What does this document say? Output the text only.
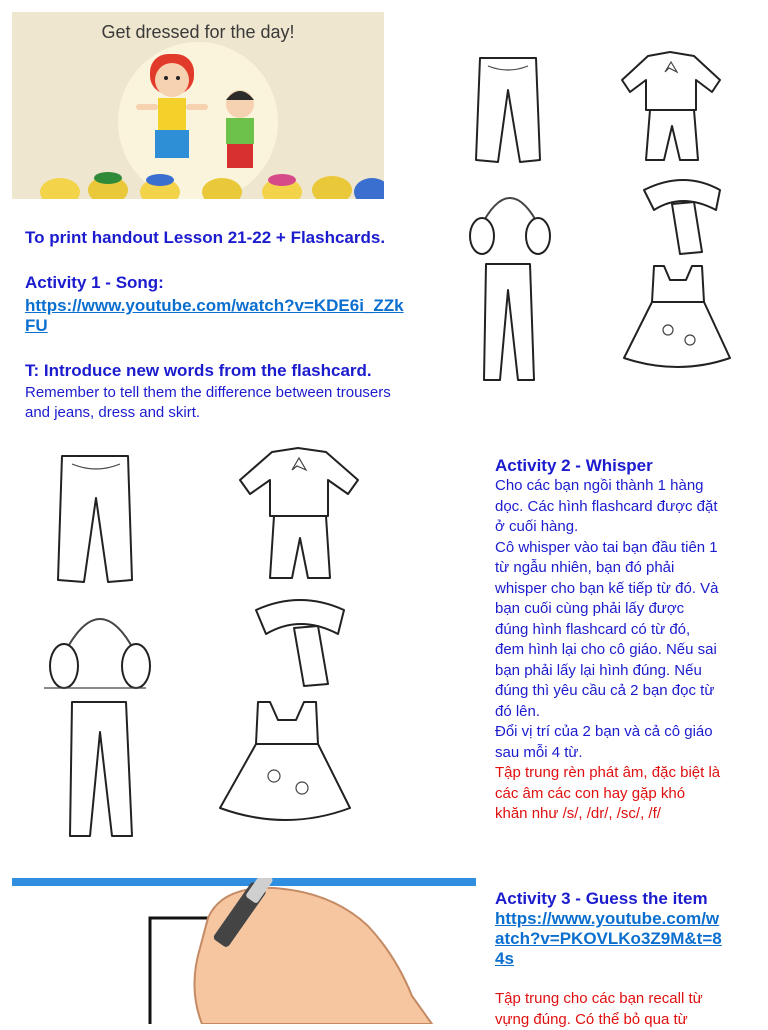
Get dressed for the day!

To print handout Lesson 21-22 + Flashcards.

Activity 1 - Song:

https://www.youtube.com/watch?v=KDE6i_ZZk
FU

T: Introduce new words from the flashcard.

Remember to tell them the difference between trousers
and jeans, dress and skirt.

Activity 2 - Whisper

Cho các bạn ngồi thành 1 hàng
dọc. Các hình flashcard được đặt
ở cuối hàng.
Cô whisper vào tai bạn đầu tiên 1
từ ngẫu nhiên, bạn đó phải
whisper cho bạn kế tiếp từ đó. Và
bạn cuối cùng phải lấy được
đúng hình flashcard có từ đó,
đem hình lại cho cô giáo. Nếu sai
bạn phải lấy lại hình đúng. Nếu
đúng thì yêu cầu cả 2 bạn đọc từ
đó lên.
Đổi vị trí của 2 bạn và cả cô giáo
sau mỗi 4 từ.

Tập trung rèn phát âm, đặc biệt là
các âm các con hay gặp khó
khăn như /s/, /dr/, /sc/, /f/

Activity 3 - Guess the item

https://www.youtube.com/w
atch?v=PKOVLKo3Z9M&t=8
4s

Tập trung cho các bạn recall từ
vựng đúng. Có thể bỏ qua từ
